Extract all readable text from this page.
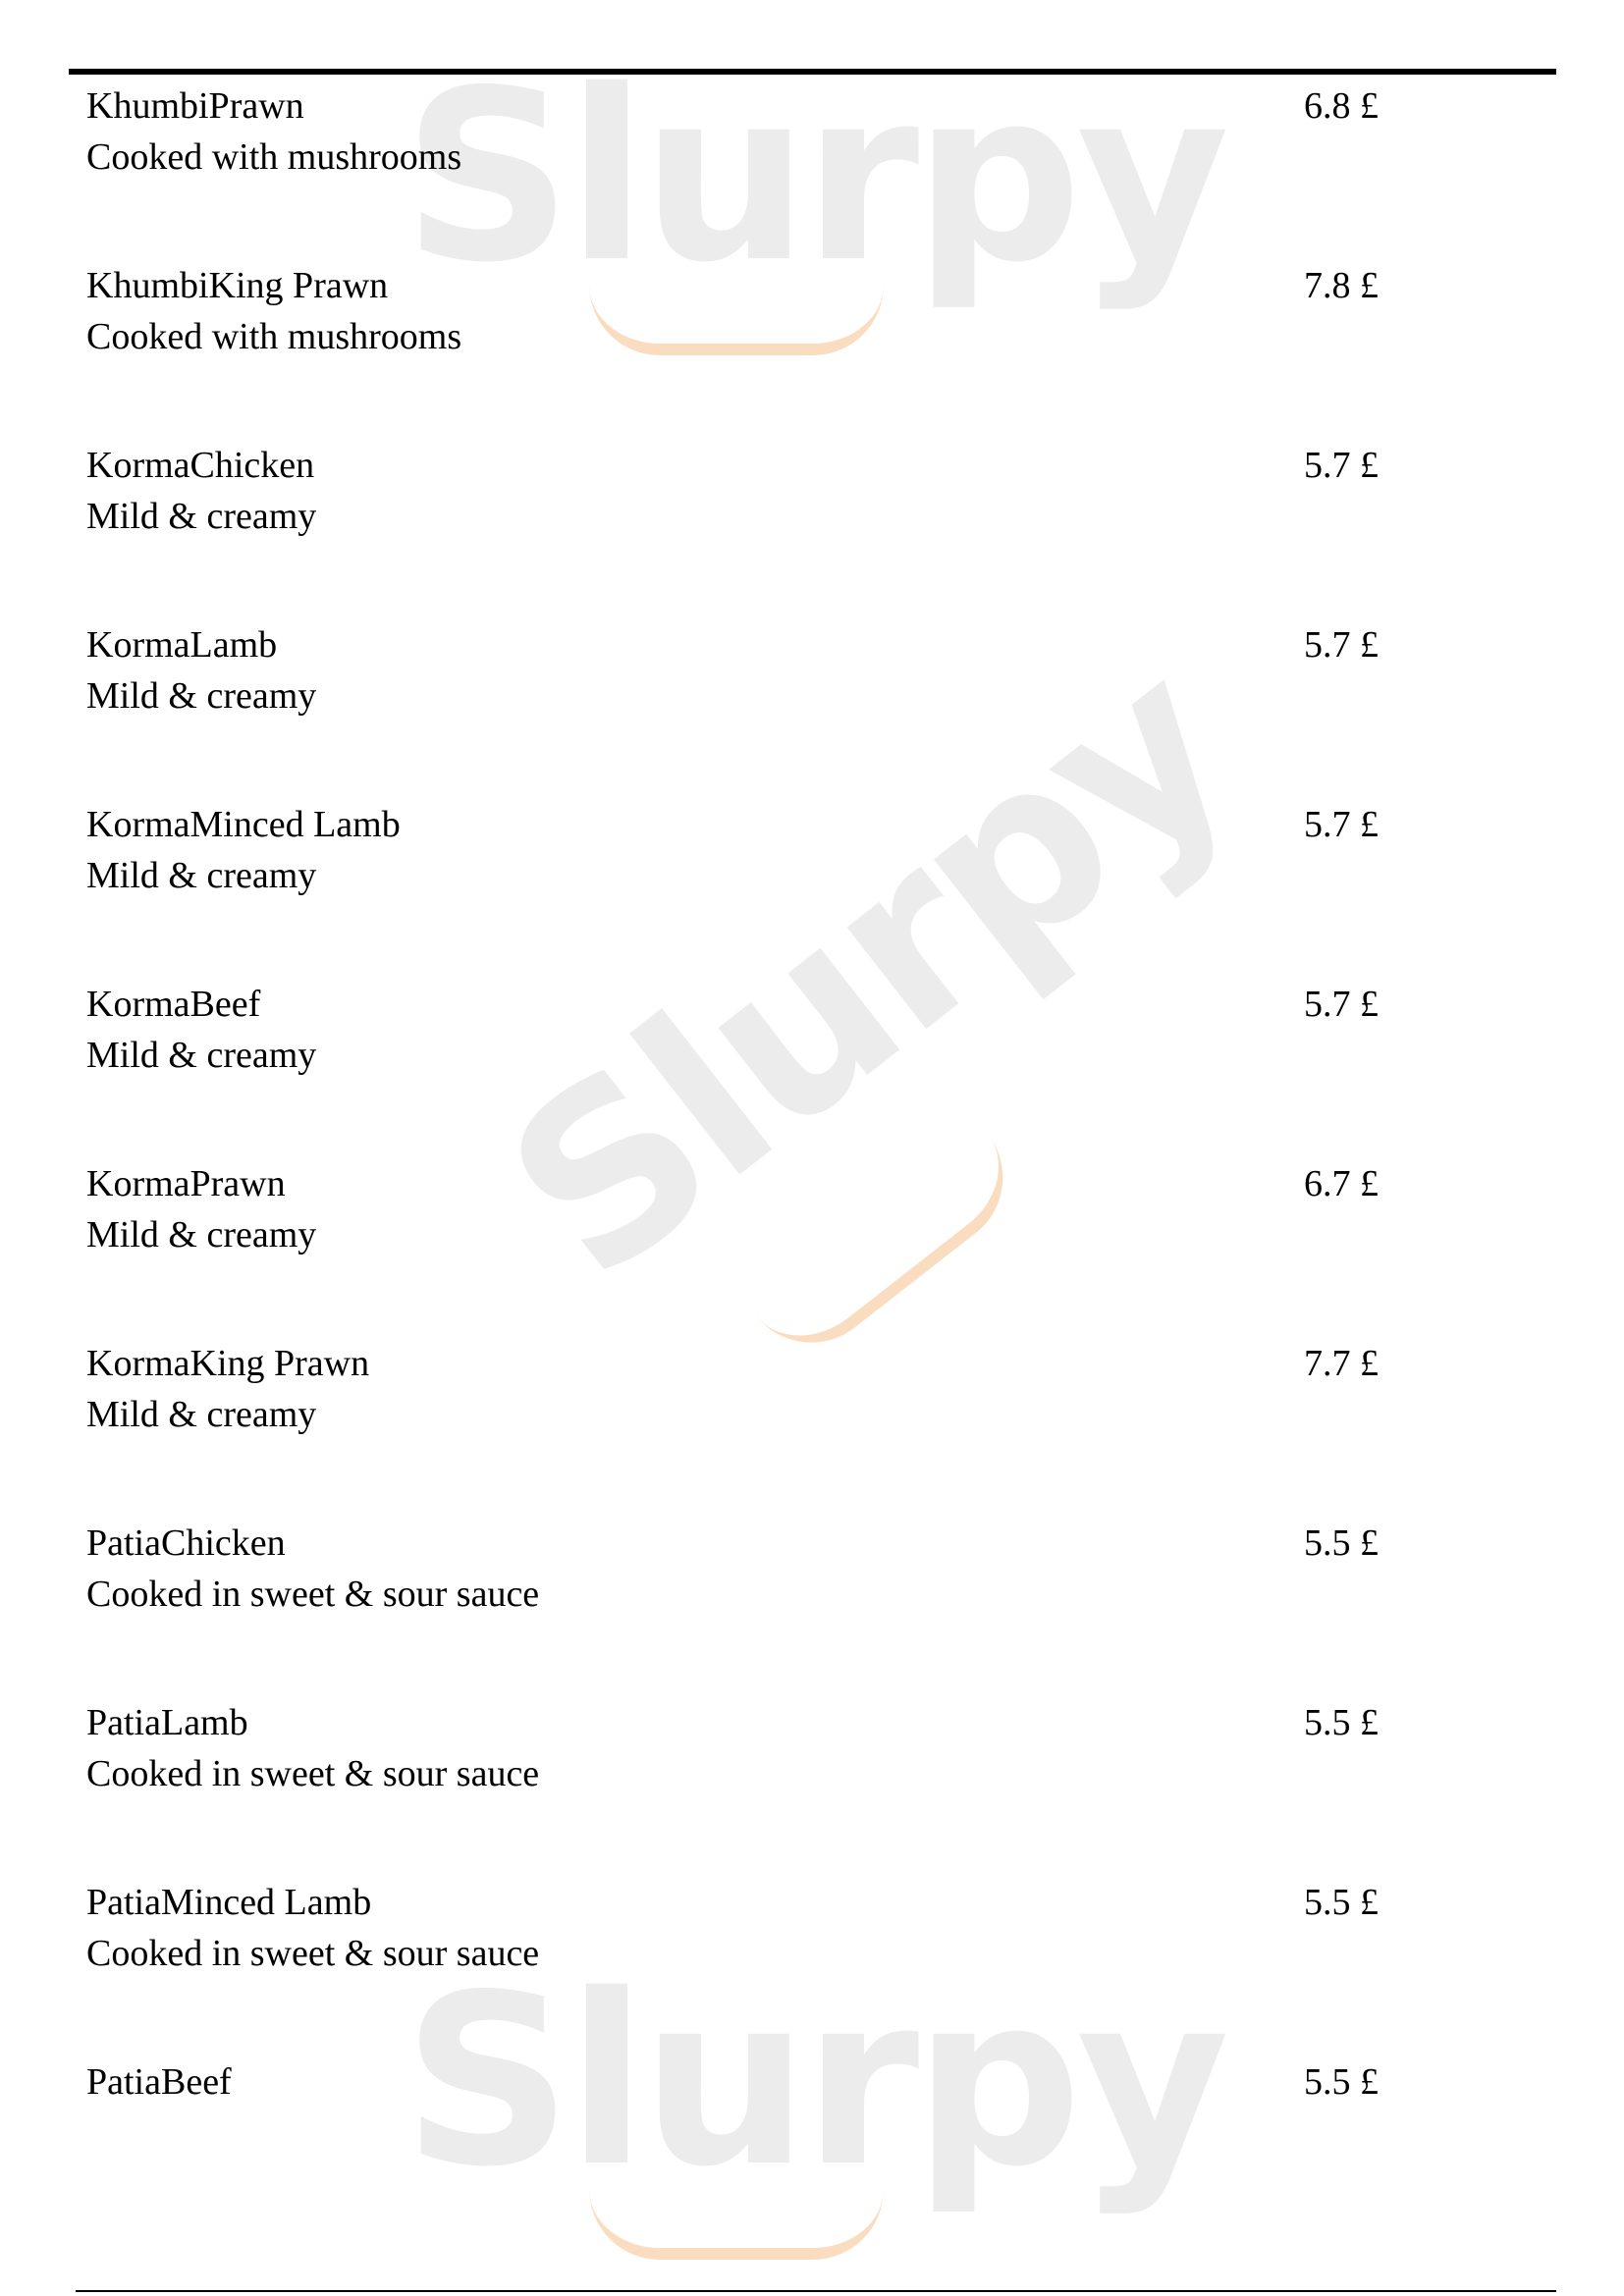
Slurpy
Slurpy
Slurpy
KhumbiPrawn
Cooked with mushrooms
6.8 £
KhumbiKing Prawn
Cooked with mushrooms
7.8 £
KormaChicken
Mild & creamy
5.7 £
KormaLamb
Mild & creamy
5.7 £
KormaMinced Lamb
Mild & creamy
5.7 £
KormaBeef
Mild & creamy
5.7 £
KormaPrawn
Mild & creamy
6.7 £
KormaKing Prawn
Mild & creamy
7.7 £
PatiaChicken
Cooked in sweet & sour sauce
5.5 £
PatiaLamb
Cooked in sweet & sour sauce
5.5 £
PatiaMinced Lamb
Cooked in sweet & sour sauce
5.5 £
PatiaBeef	5.5 £
